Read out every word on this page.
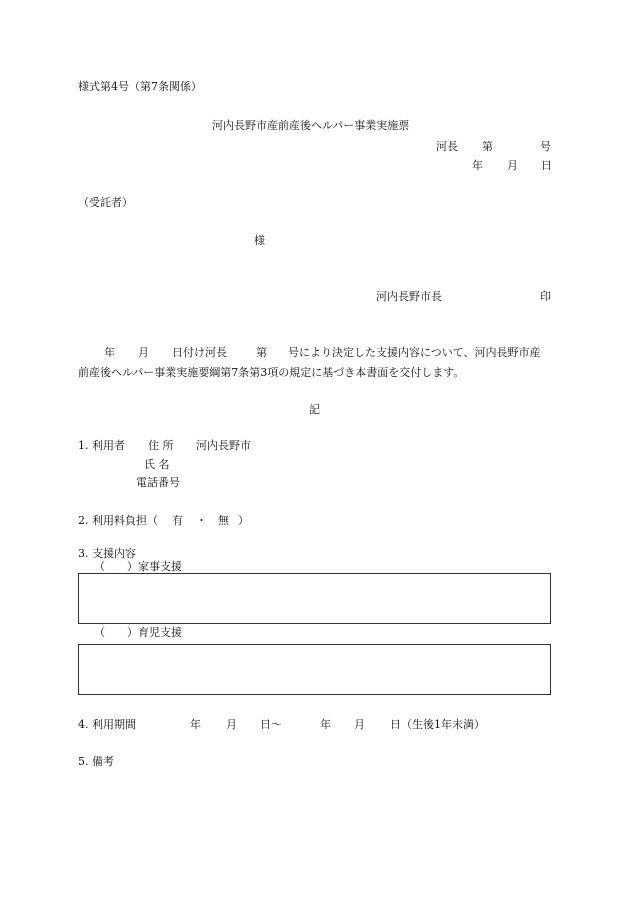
様式第4号（第7条関係）
河内長野市産前産後ヘルパー事業実施票
河長 第	号
年 月 日
（受託者）
様
河内長野市長	印
年 月 日付け河長	第 号により決定した支援内容について、河内長野市産
前産後ヘルパー事業実施要綱第7条第3項の規定に基づき本書面を交付します。
記
1. 利用者 住 所 河内長野市
氏 名
電話番号
2. 利用料負担（ 有 ・ 無 ）
3. 支援内容
（　　）家事支援
（　　）育児支援
4. 利用期間	年 月 日～	年 月 日（生後1年未満）
5. 備考
